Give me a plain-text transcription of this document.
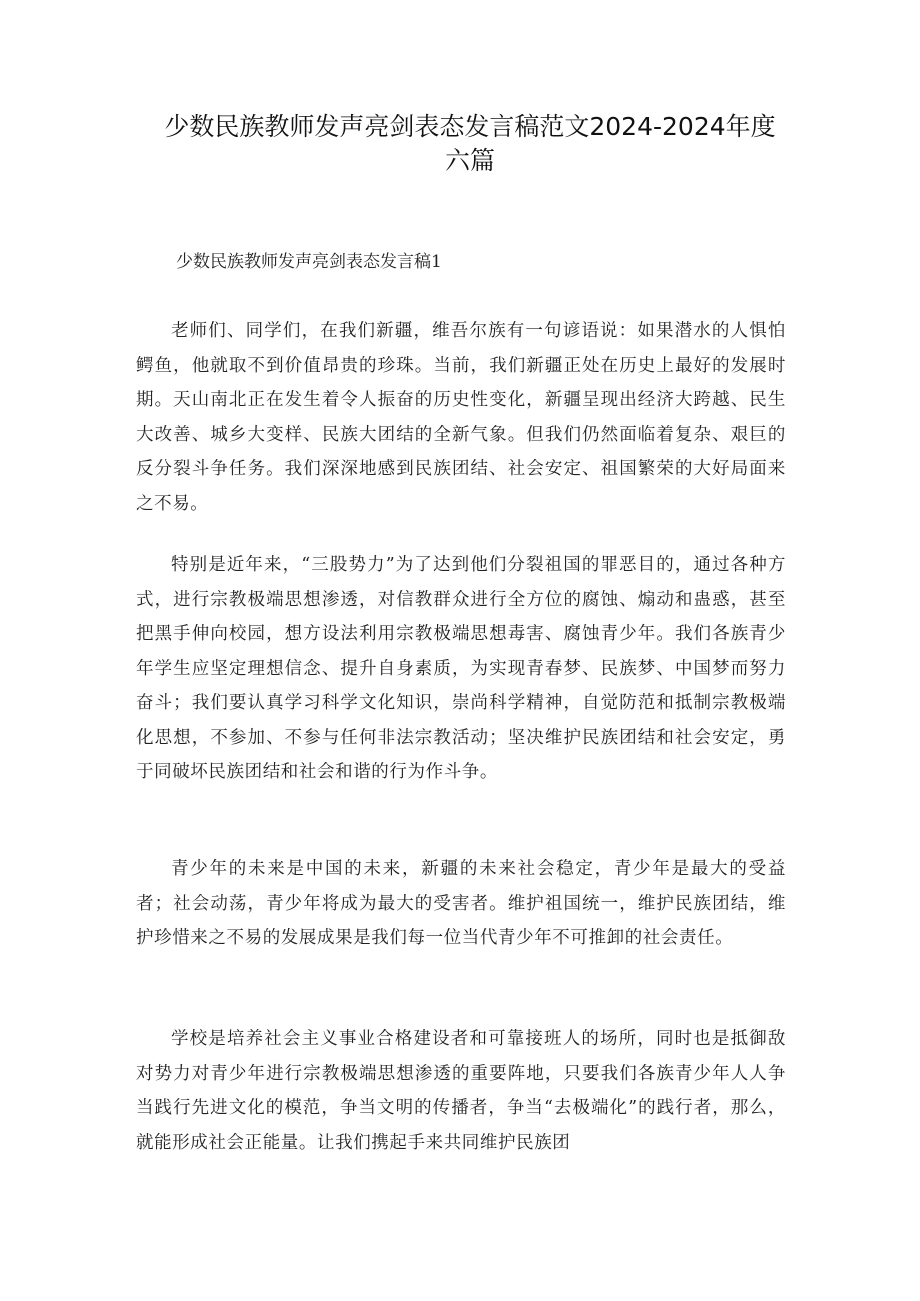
少数民族教师发声亮剑表态发言稿范文2024-2024年度
六篇

少数民族教师发声亮剑表态发言稿1

老师们、同学们，在我们新疆，维吾尔族有一句谚语说：如果潜水的人惧怕鳄鱼，他就取不到价值昂贵的珍珠。当前，我们新疆正处在历史上最好的发展时期。天山南北正在发生着令人振奋的历史性变化，新疆呈现出经济大跨越、民生大改善、城乡大变样、民族大团结的全新气象。但我们仍然面临着复杂、艰巨的反分裂斗争任务。我们深深地感到民族团结、社会安定、祖国繁荣的大好局面来之不易。

特别是近年来，“三股势力”为了达到他们分裂祖国的罪恶目的，通过各种方式，进行宗教极端思想渗透，对信教群众进行全方位的腐蚀、煽动和蛊惑，甚至把黑手伸向校园，想方设法利用宗教极端思想毒害、腐蚀青少年。我们各族青少年学生应坚定理想信念、提升自身素质，为实现青春梦、民族梦、中国梦而努力奋斗；我们要认真学习科学文化知识，崇尚科学精神，自觉防范和抵制宗教极端化思想，不参加、不参与任何非法宗教活动；坚决维护民族团结和社会安定，勇于同破坏民族团结和社会和谐的行为作斗争。

青少年的未来是中国的未来，新疆的未来社会稳定，青少年是最大的受益者；社会动荡，青少年将成为最大的受害者。维护祖国统一，维护民族团结，维护珍惜来之不易的发展成果是我们每一位当代青少年不可推卸的社会责任。

学校是培养社会主义事业合格建设者和可靠接班人的场所，同时也是抵御敌对势力对青少年进行宗教极端思想渗透的重要阵地，只要我们各族青少年人人争当践行先进文化的模范，争当文明的传播者，争当“去极端化”的践行者，那么，就能形成社会正能量。让我们携起手来共同维护民族团
